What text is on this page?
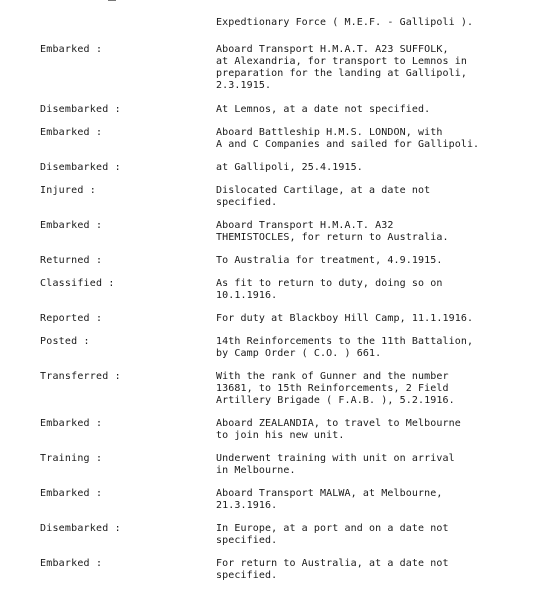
Expedtionary Force ( M.E.F. - Gallipoli ).
Embarked :	Aboard Transport H.M.A.T. A23 SUFFOLK,
at Alexandria, for transport to Lemnos in
preparation for the landing at Gallipoli,
2.3.1915.
Disembarked :	At Lemnos, at a date not specified.
Embarked :	Aboard Battleship H.M.S. LONDON, with
A and C Companies and sailed for Gallipoli.
Disembarked :	at Gallipoli, 25.4.1915.
Injured :	Dislocated Cartilage, at a date not
specified.
Embarked :	Aboard Transport H.M.A.T. A32
THEMISTOCLES, for return to Australia.
Returned :	To Australia for treatment, 4.9.1915.
Classified :	As fit to return to duty, doing so on
10.1.1916.
Reported :	For duty at Blackboy Hill Camp, 11.1.1916.
Posted :	14th Reinforcements to the 11th Battalion,
by Camp Order ( C.O. ) 661.
Transferred :	With the rank of Gunner and the number
13681, to 15th Reinforcements, 2 Field
Artillery Brigade ( F.A.B. ), 5.2.1916.
Embarked :	Aboard ZEALANDIA, to travel to Melbourne
to join his new unit.
Training :	Underwent training with unit on arrival
in Melbourne.
Embarked :	Aboard Transport MALWA, at Melbourne,
21.3.1916.
Disembarked :	In Europe, at a port and on a date not
specified.
Embarked :	For return to Australia, at a date not
specified.
